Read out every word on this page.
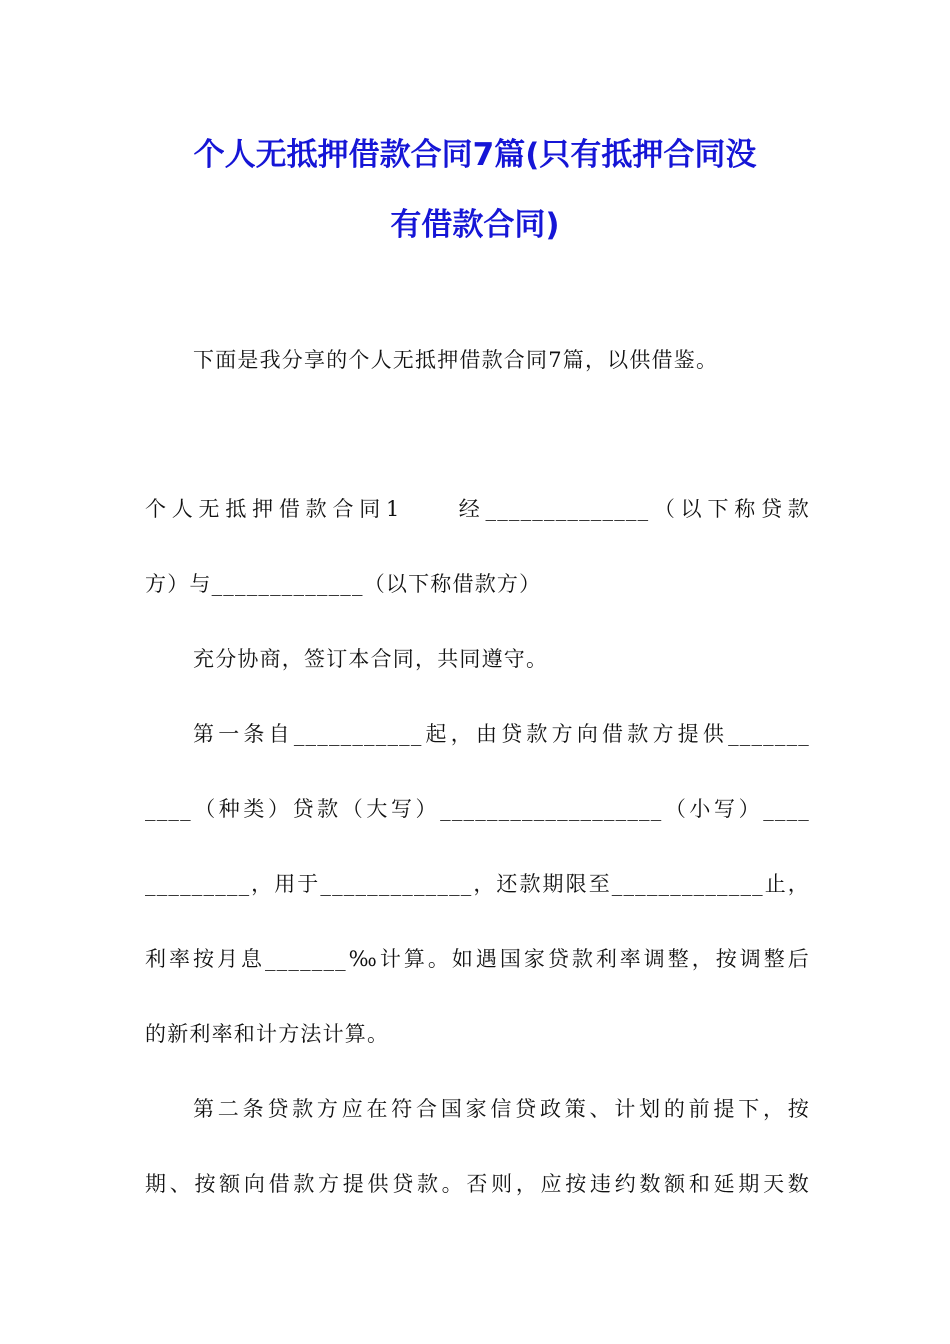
个人无抵押借款合同7篇(只有抵押合同没
有借款合同)

下面是我分享的个人无抵押借款合同7篇，以供借鉴。

个人无抵押借款合同1　　经______________（以下称贷款

方）与_____________（以下称借款方）

充分协商，签订本合同，共同遵守。

第一条自___________起，由贷款方向借款方提供_______

____（种类）贷款（大写）___________________（小写）____

_________，用于_____________，还款期限至_____________止，

利率按月息_______‰计算。如遇国家贷款利率调整，按调整后

的新利率和计方法计算。

第二条贷款方应在符合国家信贷政策、计划的前提下，按

期、按额向借款方提供贷款。否则，应按违约数额和延期天数
